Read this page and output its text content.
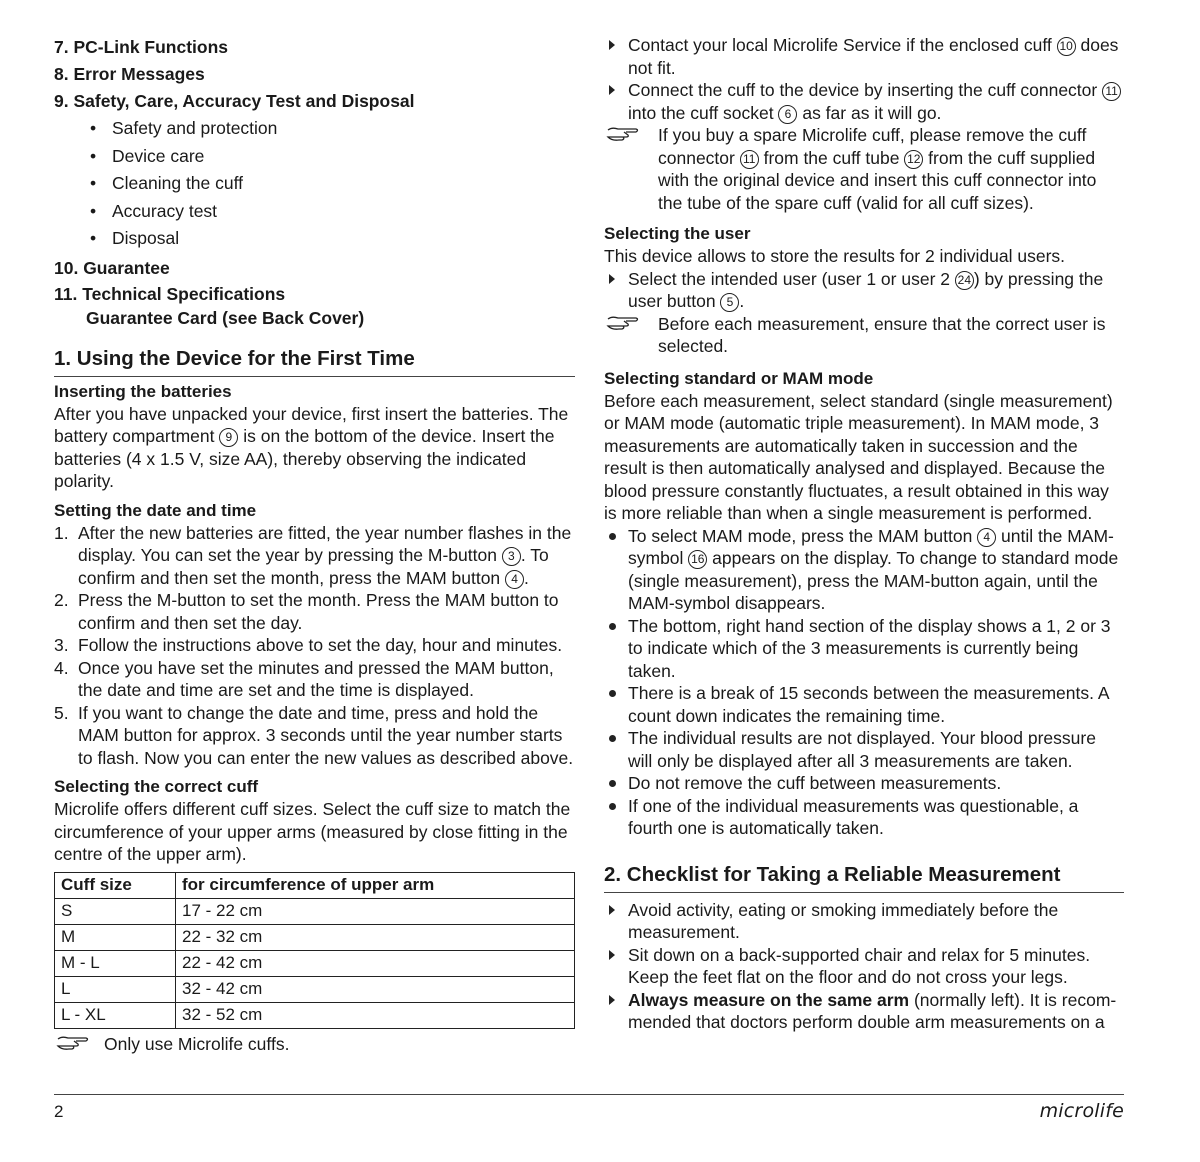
7. PC-Link Functions
8. Error Messages
9. Safety, Care, Accuracy Test and Disposal
• Safety and protection
• Device care
• Cleaning the cuff
• Accuracy test
• Disposal
10. Guarantee
11. Technical Specifications
Guarantee Card (see Back Cover)
1. Using the Device for the First Time
Inserting the batteries

After you have unpacked your device, first insert the batteries. The battery compartment 9 is on the bottom of the device. Insert the batteries (4 x 1.5 V, size AA), thereby observing the indicated polarity.

Setting the date and time
1. After the new batteries are fitted, the year number flashes in the display. You can set the year by pressing the M-button 3 . To confirm and then set the month, press the MAM button 4 .
2. Press the M-button to set the month. Press the MAM button to confirm and then set the day.
3. Follow the instructions above to set the day, hour and minutes.
4. Once you have set the minutes and pressed the MAM button, the date and time are set and the time is displayed.
5. If you want to change the date and time, press and hold the MAM button for approx. 3 seconds until the year number starts to flash. Now you can enter the new values as described above.
Selecting the correct cuff

Microlife offers different cuff sizes. Select the cuff size to match the circumference of your upper arms (measured by close fitting in the centre of the upper arm).

Cuff size	for circumference of upper arm
S	17 - 22 cm
M	22 - 32 cm
M - L	22 - 42 cm
L	32 - 42 cm
L - XL	32 - 52 cm
Only use Microlife cuffs.
Contact your local Microlife Service if the enclosed cuff 10 does not fit.
Connect the cuff to the device by inserting the cuff connector 11 into the cuff socket 6 as far as it will go.
If you buy a spare Microlife cuff, please remove the cuff connector 11 from the cuff tube 12 from the cuff supplied with the original device and insert this cuff connector into the tube of the spare cuff (valid for all cuff sizes).
Selecting the user

This device allows to store the results for 2 individual users.

Select the intended user (user 1 or user 2 24 ) by pressing the user button 5 .
Before each measurement, ensure that the correct user is selected.
Selecting standard or MAM mode

Before each measurement, select standard (single measurement) or MAM mode (automatic triple measurement). In MAM mode, 3 measurements are automatically taken in succession and the result is then automatically analysed and displayed. Because the blood pressure constantly fluctuates, a result obtained in this way is more reliable than when a single measurement is performed.

To select MAM mode, press the MAM button 4 until the MAM-symbol 16 appears on the display. To change to standard mode (single measurement), press the MAM-button again, until the MAM-symbol disappears.
The bottom, right hand section of the display shows a 1, 2 or 3 to indicate which of the 3 measurements is currently being taken.
There is a break of 15 seconds between the measurements. A count down indicates the remaining time.
The individual results are not displayed. Your blood pressure will only be displayed after all 3 measurements are taken.
Do not remove the cuff between measurements.
If one of the individual measurements was questionable, a fourth one is automatically taken.
2. Checklist for Taking a Reliable Measurement
Avoid activity, eating or smoking immediately before the measurement.
Sit down on a back-supported chair and relax for 5 minutes. Keep the feet flat on the floor and do not cross your legs.
Always measure on the same arm (normally left). It is recom-mended that doctors perform double arm measurements on a
2	microlife
